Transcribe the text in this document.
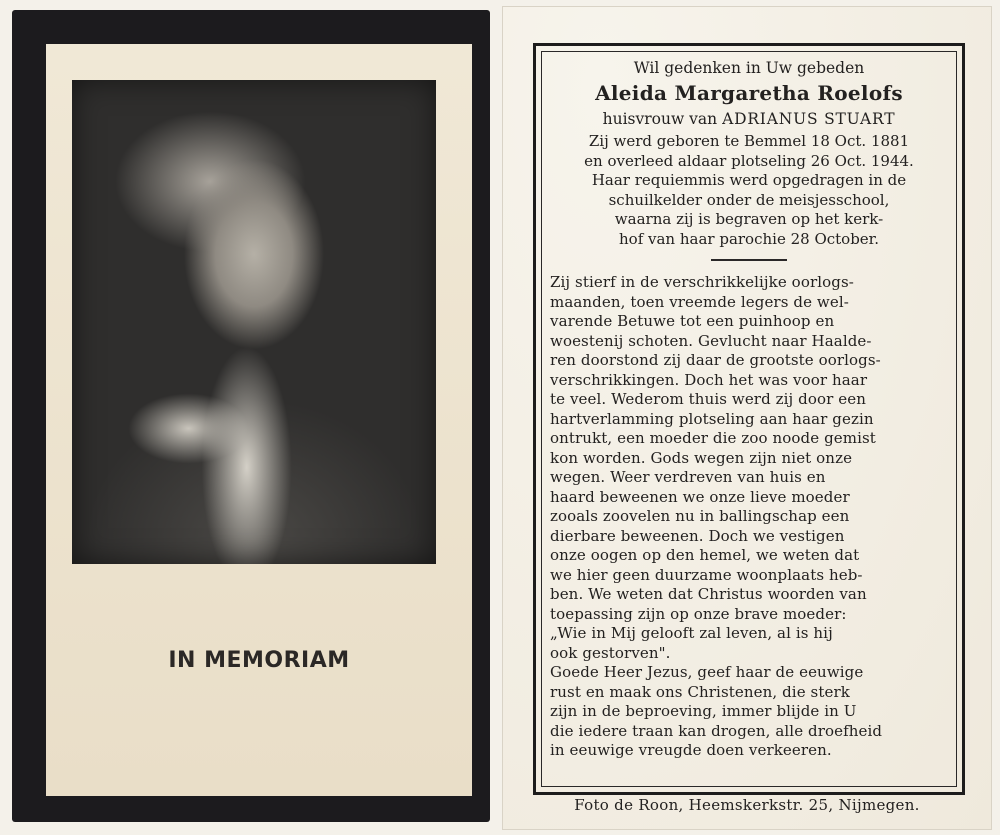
IN MEMORIAM
Wil gedenken in Uw gebeden
Aleida Margaretha Roelofs
huisvrouw van ADRIANUS STUART
Zij werd geboren te Bemmel 18 Oct. 1881
en overleed aldaar plotseling 26 Oct. 1944.
Haar requiemmis werd opgedragen in de
schuilkelder onder de meisjesschool,
waarna zij is begraven op het kerk-
hof van haar parochie 28 October.
Zij stierf in de verschrikkelijke oorlogs-
maanden, toen vreemde legers de wel-
varende Betuwe tot een puinhoop en
woestenij schoten. Gevlucht naar Haalde-
ren doorstond zij daar de grootste oorlogs-
verschrikkingen. Doch het was voor haar
te veel. Wederom thuis werd zij door een
hartverlamming plotseling aan haar gezin
ontrukt, een moeder die zoo noode gemist
kon worden. Gods wegen zijn niet onze
wegen. Weer verdreven van huis en
haard beweenen we onze lieve moeder
zooals zoovelen nu in ballingschap een
dierbare beweenen. Doch we vestigen
onze oogen op den hemel, we weten dat
we hier geen duurzame woonplaats heb-
ben. We weten dat Christus woorden van
toepassing zijn op onze brave moeder:
„Wie in Mij gelooft zal leven, al is hij
ook gestorven".
Goede Heer Jezus, geef haar de eeuwige
rust en maak ons Christenen, die sterk
zijn in de beproeving, immer blijde in U
die iedere traan kan drogen, alle droefheid
in eeuwige vreugde doen verkeeren.
Foto de Roon, Heemskerkstr. 25, Nijmegen.
